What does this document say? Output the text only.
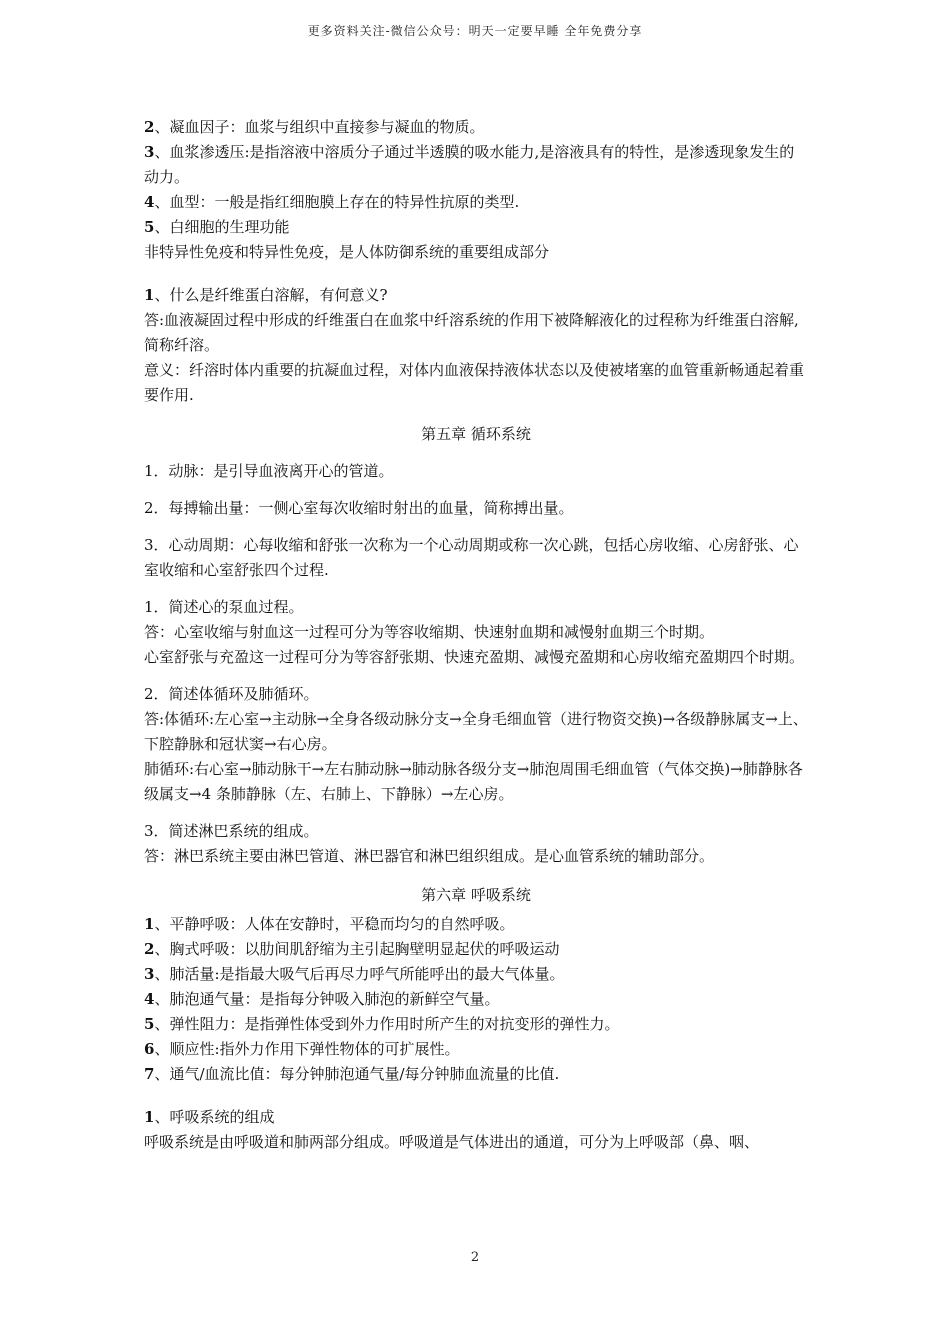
更多资料关注-微信公众号：明天一定要早睡 全年免费分享

2、凝血因子：血浆与组织中直接参与凝血的物质。

3、血浆渗透压:是指溶液中溶质分子通过半透膜的吸水能力,是溶液具有的特性，是渗透现象发生的动力。

4、血型：一般是指红细胞膜上存在的特异性抗原的类型.

5、白细胞的生理功能

非特异性免疫和特异性免疫，是人体防御系统的重要组成部分

1、什么是纤维蛋白溶解，有何意义?

答:血液凝固过程中形成的纤维蛋白在血浆中纤溶系统的作用下被降解液化的过程称为纤维蛋白溶解,简称纤溶。

意义：纤溶时体内重要的抗凝血过程，对体内血液保持液体状态以及使被堵塞的血管重新畅通起着重要作用.

第五章 循环系统

1．动脉：是引导血液离开心的管道。

2．每搏输出量：一侧心室每次收缩时射出的血量，简称搏出量。

3．心动周期：心每收缩和舒张一次称为一个心动周期或称一次心跳，包括心房收缩、心房舒张、心室收缩和心室舒张四个过程.

1．简述心的泵血过程。

答：心室收缩与射血这一过程可分为等容收缩期、快速射血期和减慢射血期三个时期。

心室舒张与充盈这一过程可分为等容舒张期、快速充盈期、减慢充盈期和心房收缩充盈期四个时期。

2．简述体循环及肺循环。

答:体循环:左心室→主动脉→全身各级动脉分支→全身毛细血管（进行物资交换)→各级静脉属支→上、下腔静脉和冠状窦→右心房。

肺循环:右心室→肺动脉干→左右肺动脉→肺动脉各级分支→肺泡周围毛细血管（气体交换)→肺静脉各级属支→4 条肺静脉（左、右肺上、下静脉）→左心房。

3．简述淋巴系统的组成。

答：淋巴系统主要由淋巴管道、淋巴器官和淋巴组织组成。是心血管系统的辅助部分。

第六章 呼吸系统

1、平静呼吸：人体在安静时，平稳而均匀的自然呼吸。

2、胸式呼吸：以肋间肌舒缩为主引起胸壁明显起伏的呼吸运动

3、肺活量:是指最大吸气后再尽力呼气所能呼出的最大气体量。

4、肺泡通气量：是指每分钟吸入肺泡的新鲜空气量。

5、弹性阻力：是指弹性体受到外力作用时所产生的对抗变形的弹性力。

6、顺应性:指外力作用下弹性物体的可扩展性。

7、通气/血流比值：每分钟肺泡通气量/每分钟肺血流量的比值.

1、呼吸系统的组成

呼吸系统是由呼吸道和肺两部分组成。呼吸道是气体进出的通道，可分为上呼吸部（鼻、咽、

2
